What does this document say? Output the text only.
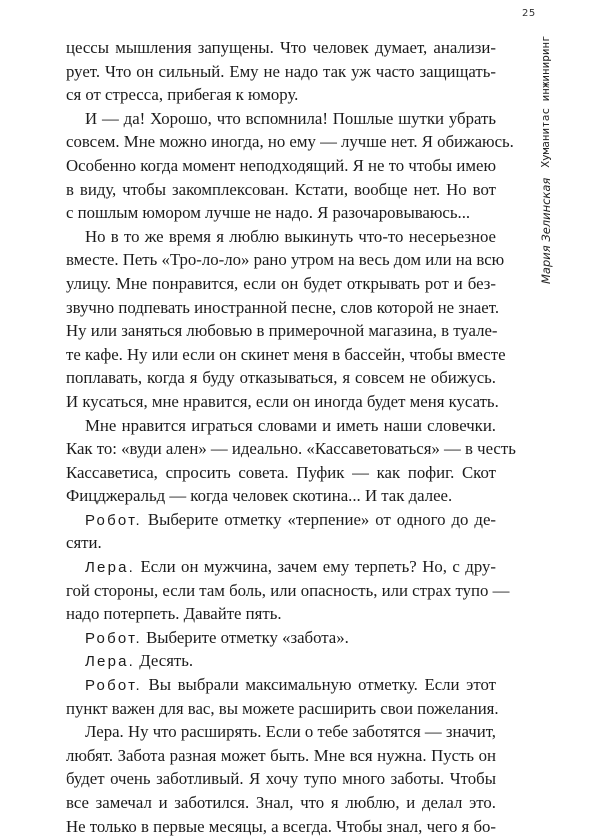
25
Мария ЗелинскаяХуманитас инжиниринг
цессы мышления запущены. Что человек думает, анализи-
рует. Что он сильный. Ему не надо так уж часто защищать-
ся от стресса, прибегая к юмору.
И — да! Хорошо, что вспомнила! Пошлые шутки убрать
совсем. Мне можно иногда, но ему — лучше нет. Я обижаюсь.
Особенно когда момент неподходящий. Я не то чтобы имею
в виду, чтобы закомплексован. Кстати, вообще нет. Но вот
с пошлым юмором лучше не надо. Я разочаровываюсь...
Но в то же время я люблю выкинуть что-то несерьезное
вместе. Петь «Тро-ло-ло» рано утром на весь дом или на всю
улицу. Мне понравится, если он будет открывать рот и без-
звучно подпевать иностранной песне, слов которой не знает.
Ну или заняться любовью в примерочной магазина, в туале-
те кафе. Ну или если он скинет меня в бассейн, чтобы вместе
поплавать, когда я буду отказываться, я совсем не обижусь.
И кусаться, мне нравится, если он иногда будет меня кусать.
Мне нравится играться словами и иметь наши словечки.
Как то: «вуди ален» — идеально. «Кассаветоваться» — в честь
Кассаветиса, спросить совета. Пуфик — как пофиг. Скот
Фицджеральд — когда человек скотина... И так далее.
Робот. Выберите отметку «терпение» от одного до де-
сяти.
Лера. Если он мужчина, зачем ему терпеть? Но, с дру-
гой стороны, если там боль, или опасность, или страх тупо —
надо потерпеть. Давайте пять.
Робот. Выберите отметку «забота».
Лера. Десять.
Робот. Вы выбрали максимальную отметку. Если этот
пункт важен для вас, вы можете расширить свои пожелания.
Лера. Ну что расширять. Если о тебе заботятся — значит,
любят. Забота разная может быть. Мне вся нужна. Пусть он
будет очень заботливый. Я хочу тупо много заботы. Чтобы
все замечал и заботился. Знал, что я люблю, и делал это.
Не только в первые месяцы, а всегда. Чтобы знал, чего я бо-
